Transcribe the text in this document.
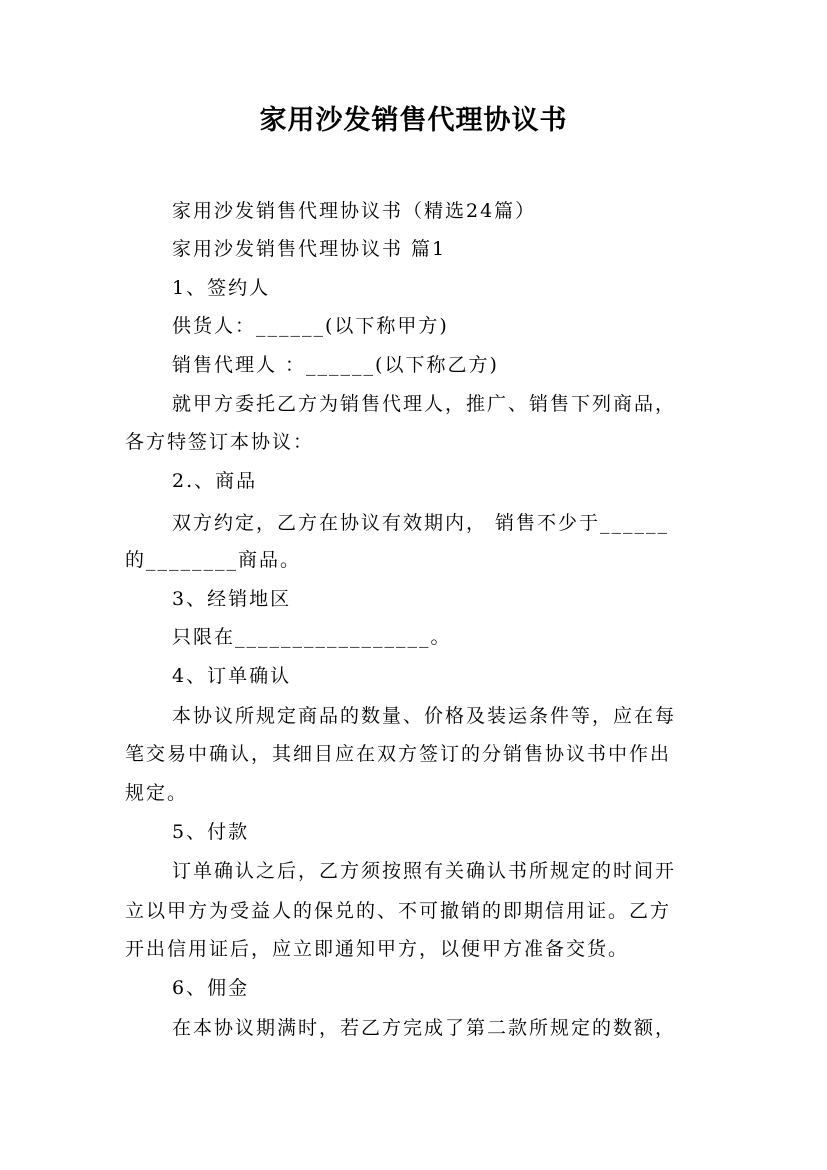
家用沙发销售代理协议书
家用沙发销售代理协议书（精选24篇）
家用沙发销售代理协议书 篇1
1、签约人
供货人：______(以下称甲方)
销售代理人 ：______(以下称乙方)
就甲方委托乙方为销售代理人，推广、销售下列商品，
各方特签订本协议：
2.、商品
双方约定，乙方在协议有效期内， 销售不少于______
的________商品。
3、经销地区
只限在_________________。
4、订单确认
本协议所规定商品的数量、价格及装运条件等，应在每
笔交易中确认，其细目应在双方签订的分销售协议书中作出
规定。
5、付款
订单确认之后，乙方须按照有关确认书所规定的时间开
立以甲方为受益人的保兑的、不可撤销的即期信用证。乙方
开出信用证后，应立即通知甲方，以便甲方准备交货。
6、佣金
在本协议期满时，若乙方完成了第二款所规定的数额，
